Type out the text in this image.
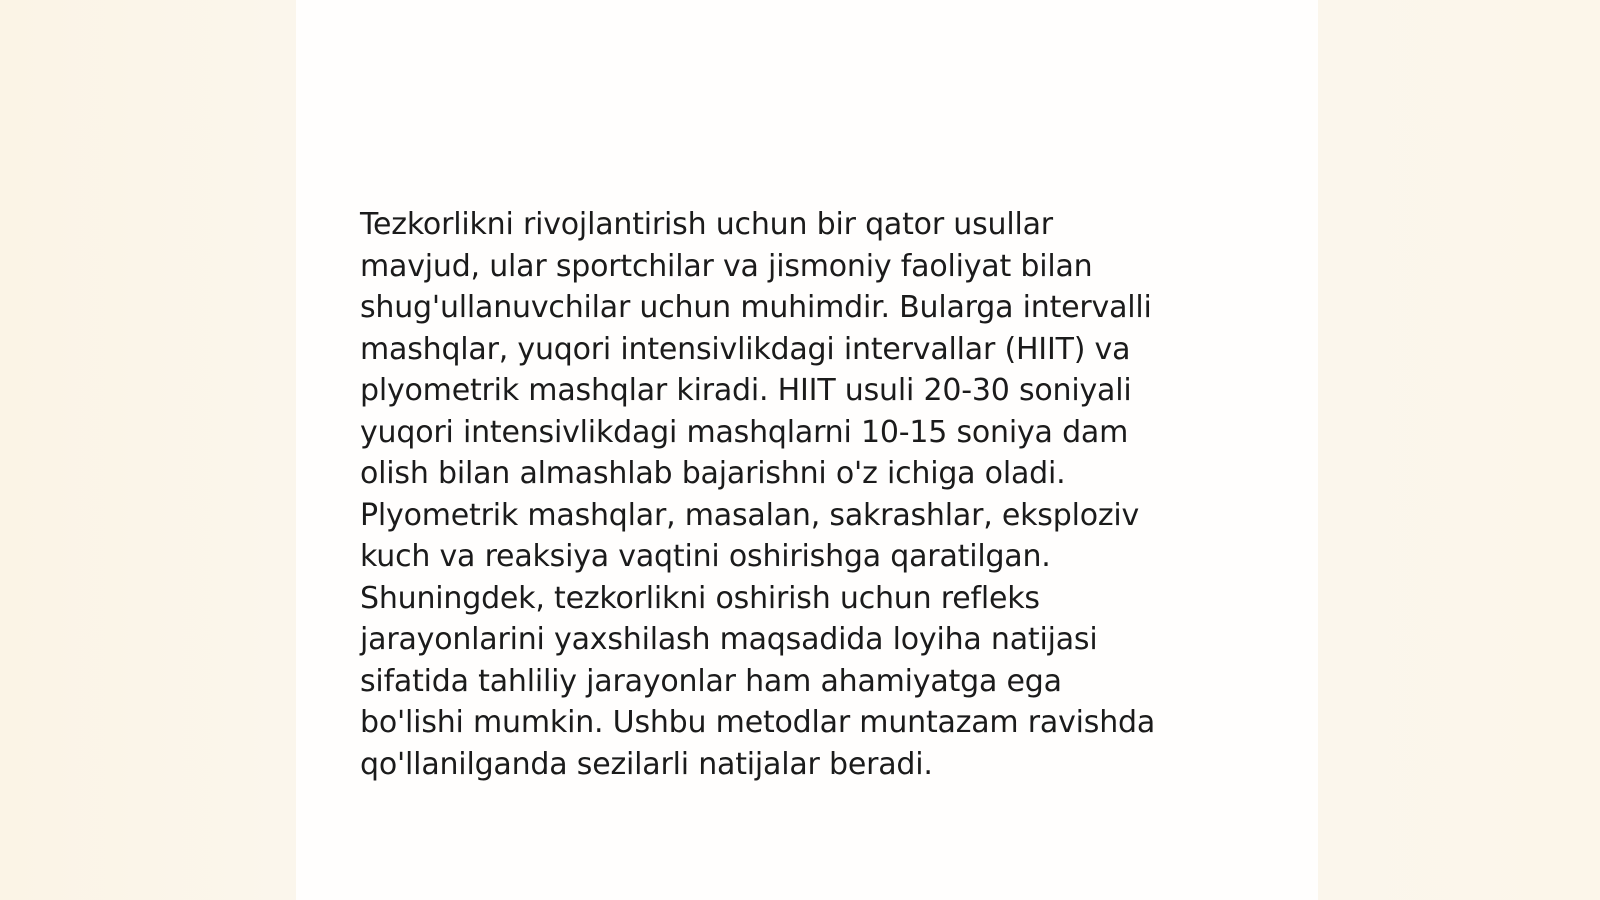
Tezkorlikni rivojlantirish uchun bir qator usullar
mavjud, ular sportchilar va jismoniy faoliyat bilan
shug'ullanuvchilar uchun muhimdir. Bularga intervalli
mashqlar, yuqori intensivlikdagi intervallar (HIIT) va
plyometrik mashqlar kiradi. HIIT usuli 20-30 soniyali
yuqori intensivlikdagi mashqlarni 10-15 soniya dam
olish bilan almashlab bajarishni o'z ichiga oladi.
Plyometrik mashqlar, masalan, sakrashlar, eksploziv
kuch va reaksiya vaqtini oshirishga qaratilgan.
Shuningdek, tezkorlikni oshirish uchun refleks
jarayonlarini yaxshilash maqsadida loyiha natijasi
sifatida tahliliy jarayonlar ham ahamiyatga ega
bo'lishi mumkin. Ushbu metodlar muntazam ravishda
qo'llanilganda sezilarli natijalar beradi.
